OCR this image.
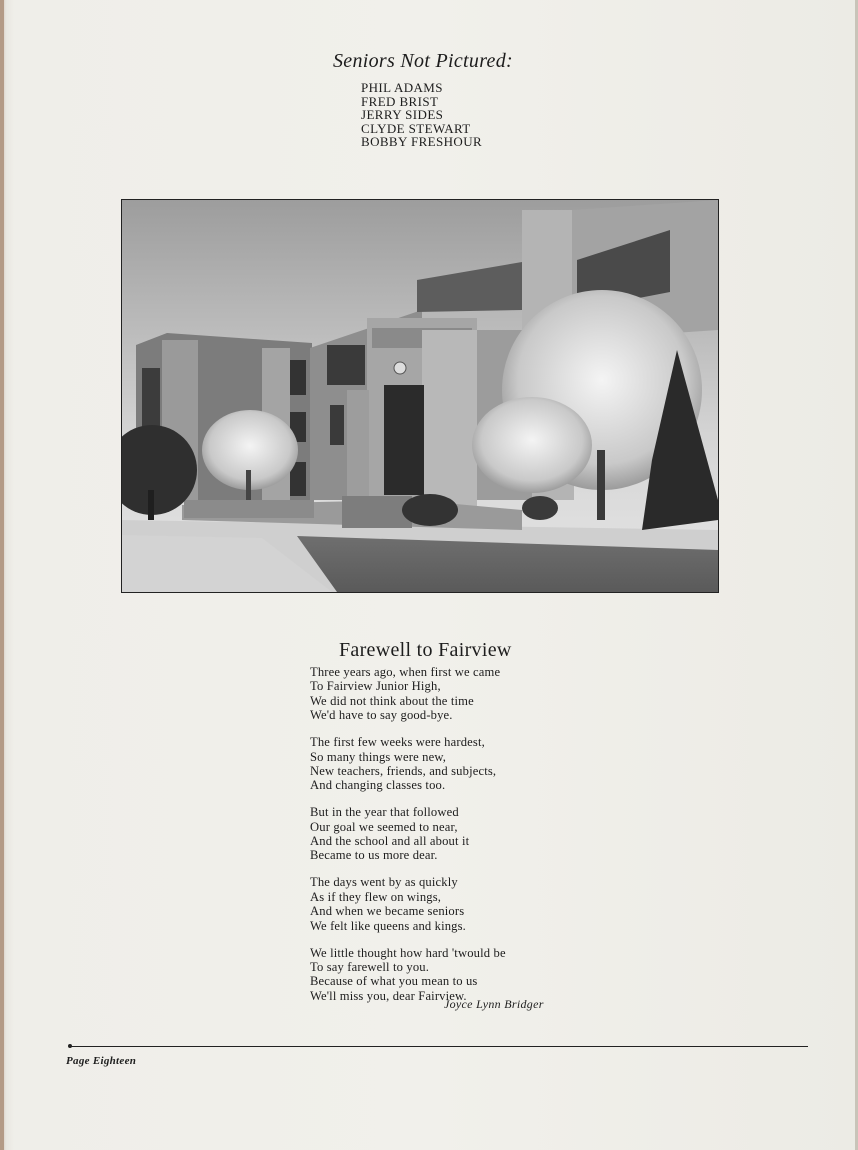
Seniors Not Pictured:
PHIL ADAMS
FRED BRIST
JERRY SIDES
CLYDE STEWART
BOBBY FRESHOUR
Farewell to Fairview
Three years ago, when first we came
To Fairview Junior High,
We did not think about the time
We'd have to say good-bye.
The first few weeks were hardest,
So many things were new,
New teachers, friends, and subjects,
And changing classes too.
But in the year that followed
Our goal we seemed to near,
And the school and all about it
Became to us more dear.
The days went by as quickly
As if they flew on wings,
And when we became seniors
We felt like queens and kings.
We little thought how hard 'twould be
To say farewell to you.
Because of what you mean to us
We'll miss you, dear Fairview.
Joyce Lynn Bridger
Page Eighteen
